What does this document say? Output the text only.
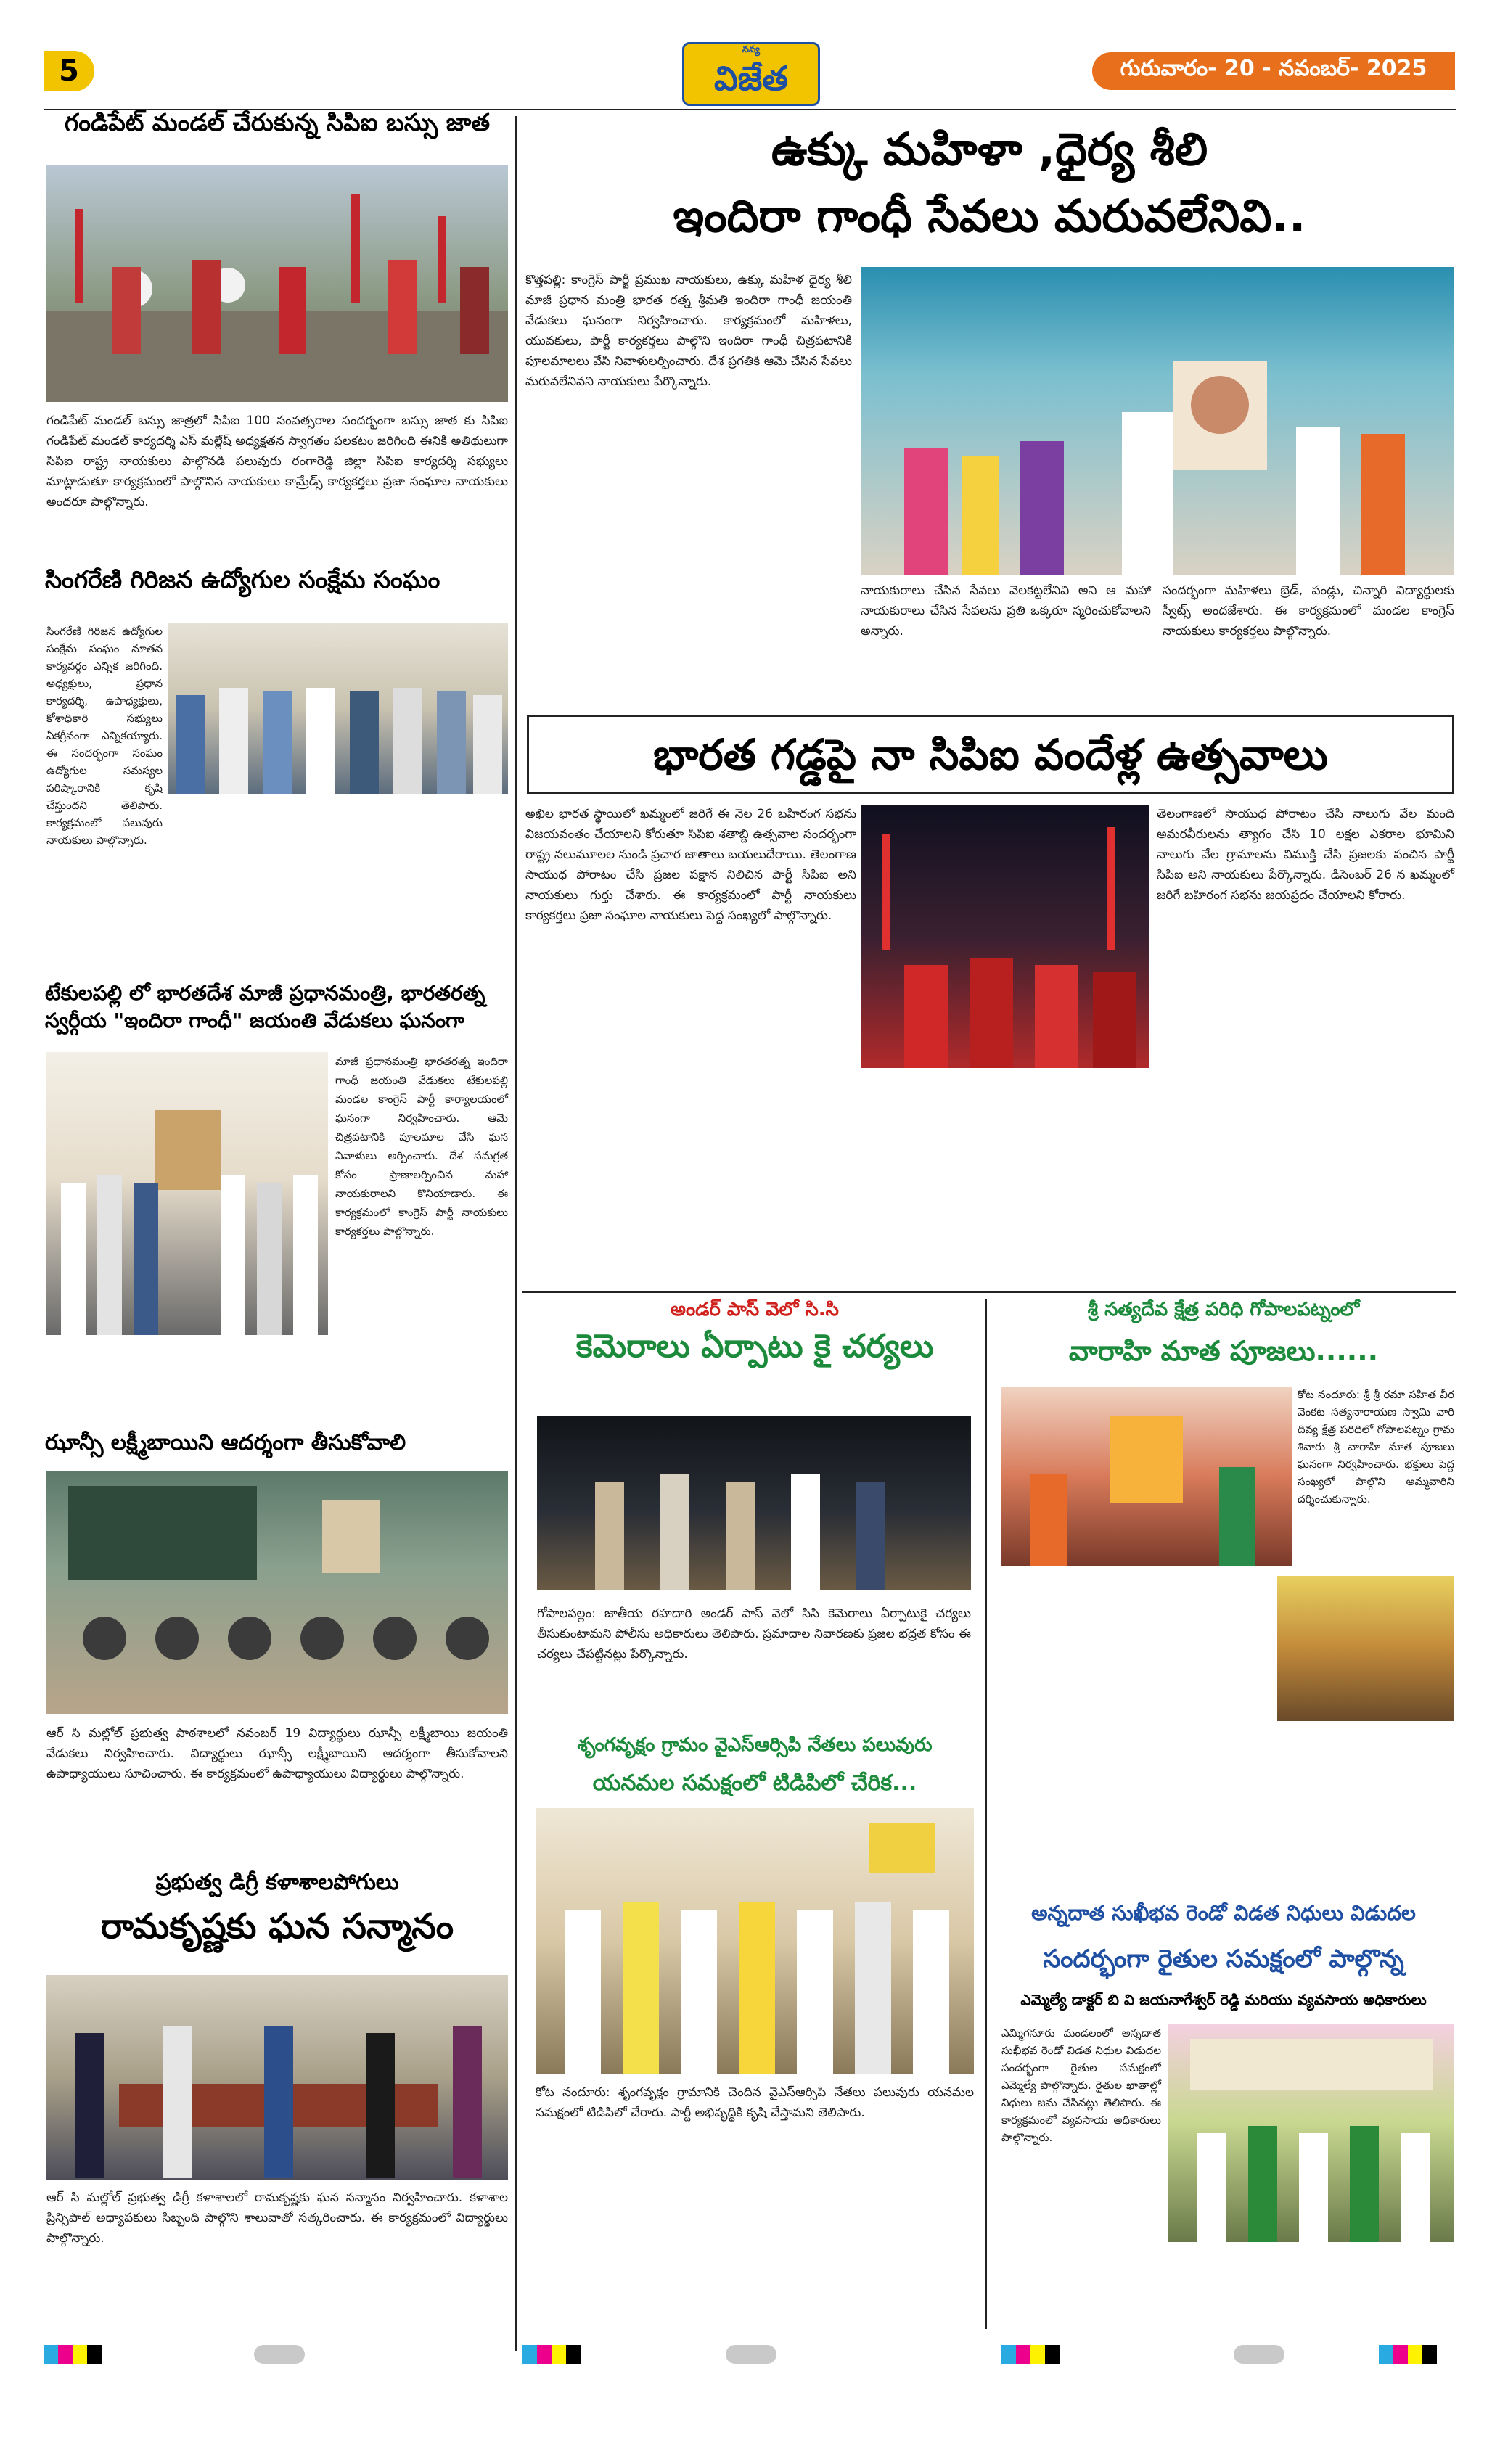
5
నవ్య
విజేత	గురువారం- 20 - నవంబర్- 2025
గండిపేట్ మండల్ చేరుకున్న సిపిఐ బస్సు జాత
గండిపేట్ మండల్ బస్సు జాత్రలో సిపిఐ 100 సంవత్సరాల సందర్భంగా బస్సు జాత కు సిపిఐ గండిపేట్ మండల్ కార్యదర్శి ఎస్ మల్లేష్ అధ్యక్షతన స్వాగతం పలకటం జరిగింది ఈనికి అతిథులుగా సిపిఐ రాష్ట్ర నాయకులు పాల్గొనడి పలువురు రంగారెడ్డి జిల్లా సిపిఐ కార్యదర్శి సభ్యులు మాట్లాడుతూ కార్యక్రమంలో పాల్గొనిన నాయకులు కామ్రేడ్స్ కార్యకర్తలు ప్రజా సంఘాల నాయకులు అందరూ పాల్గొన్నారు.
సింగరేణి గిరిజన ఉద్యోగుల సంక్షేమ సంఘం
సింగరేణి గిరిజన ఉద్యోగుల సంక్షేమ సంఘం నూతన కార్యవర్గం ఎన్నిక జరిగింది. అధ్యక్షులు, ప్రధాన కార్యదర్శి, ఉపాధ్యక్షులు, కోశాధికారి సభ్యులు ఏకగ్రీవంగా ఎన్నికయ్యారు. ఈ సందర్భంగా సంఘం ఉద్యోగుల సమస్యల పరిష్కారానికి కృషి చేస్తుందని తెలిపారు. కార్యక్రమంలో పలువురు నాయకులు పాల్గొన్నారు.
టేకులపల్లి లో భారతదేశ మాజీ ప్రధానమంత్రి, భారతరత్న స్వర్గీయ "ఇందిరా గాంధీ" జయంతి వేడుకలు ఘనంగా
మాజీ ప్రధానమంత్రి భారతరత్న ఇందిరా గాంధీ జయంతి వేడుకలు టేకులపల్లి మండల కాంగ్రెస్ పార్టీ కార్యాలయంలో ఘనంగా నిర్వహించారు. ఆమె చిత్రపటానికి పూలమాల వేసి ఘన నివాళులు అర్పించారు. దేశ సమగ్రత కోసం ప్రాణాలర్పించిన మహా నాయకురాలని కొనియాడారు. ఈ కార్యక్రమంలో కాంగ్రెస్ పార్టీ నాయకులు కార్యకర్తలు పాల్గొన్నారు.
ఝాన్సీ లక్ష్మీబాయిని ఆదర్శంగా తీసుకోవాలి
ఆర్ సి మల్లోల్ ప్రభుత్వ పాఠశాలలో నవంబర్ 19 విద్యార్థులు ఝాన్సీ లక్ష్మీబాయి జయంతి వేడుకలు నిర్వహించారు. విద్యార్థులు ఝాన్సీ లక్ష్మీబాయిని ఆదర్శంగా తీసుకోవాలని ఉపాధ్యాయులు సూచించారు. ఈ కార్యక్రమంలో ఉపాధ్యాయులు విద్యార్థులు పాల్గొన్నారు.
ప్రభుత్వ డిగ్రీ కళాశాలపోగులు
రామకృష్ణకు ఘన సన్మానం
ఆర్ సి మల్లోల్ ప్రభుత్వ డిగ్రీ కళాశాలలో రామకృష్ణకు ఘన సన్మానం నిర్వహించారు. కళాశాల ప్రిన్సిపాల్ అధ్యాపకులు సిబ్బంది పాల్గొని శాలువాతో సత్కరించారు. ఈ కార్యక్రమంలో విద్యార్థులు పాల్గొన్నారు.
ఉక్కు మహిళా ,ధైర్య శీలి
ఇందిరా గాంధీ సేవలు మరువలేనివి..
కొత్తపల్లి: కాంగ్రెస్ పార్టీ ప్రముఖ నాయకులు, ఉక్కు మహిళ ధైర్య శీలి మాజీ ప్రధాన మంత్రి భారత రత్న శ్రీమతి ఇందిరా గాంధీ జయంతి వేడుకలు ఘనంగా నిర్వహించారు. కార్యక్రమంలో మహిళలు, యువకులు, పార్టీ కార్యకర్తలు పాల్గొని ఇందిరా గాంధీ చిత్రపటానికి పూలమాలలు వేసి నివాళులర్పించారు. దేశ ప్రగతికి ఆమె చేసిన సేవలు మరువలేనివని నాయకులు పేర్కొన్నారు.
నాయకురాలు చేసిన సేవలు వెలకట్టలేనివి అని ఆ మహా నాయకురాలు చేసిన సేవలను ప్రతి ఒక్కరూ స్మరించుకోవాలని అన్నారు.
సందర్భంగా మహిళలు బ్రెడ్, పండ్లు, చిన్నారి విద్యార్థులకు స్వీట్స్ అందజేశారు. ఈ కార్యక్రమంలో మండల కాంగ్రెస్ నాయకులు కార్యకర్తలు పాల్గొన్నారు.
భారత గడ్డపై నా సిపిఐ వందేళ్ల ఉత్సవాలు
అఖిల భారత స్థాయిలో ఖమ్మంలో జరిగే ఈ నెల 26 బహిరంగ సభను విజయవంతం చేయాలని కోరుతూ సిపిఐ శతాబ్ది ఉత్సవాల సందర్భంగా రాష్ట్ర నలుమూలల నుండి ప్రచార జాతాలు బయలుదేరాయి. తెలంగాణ సాయుధ పోరాటం చేసి ప్రజల పక్షాన నిలిచిన పార్టీ సిపిఐ అని నాయకులు గుర్తు చేశారు. ఈ కార్యక్రమంలో పార్టీ నాయకులు కార్యకర్తలు ప్రజా సంఘాల నాయకులు పెద్ద సంఖ్యలో పాల్గొన్నారు.
తెలంగాణలో సాయుధ పోరాటం చేసి నాలుగు వేల మంది అమరవీరులను త్యాగం చేసి 10 లక్షల ఎకరాల భూమిని నాలుగు వేల గ్రామాలను విముక్తి చేసి ప్రజలకు పంచిన పార్టీ సిపిఐ అని నాయకులు పేర్కొన్నారు. డిసెంబర్ 26 న ఖమ్మంలో జరిగే బహిరంగ సభను జయప్రదం చేయాలని కోరారు.
అండర్ పాస్ వెలో సి.సి
కెమెరాలు ఏర్పాటు కై చర్యలు
గోపాలపల్లం: జాతీయ రహదారి అండర్ పాస్ వెలో సిసి కెమెరాలు ఏర్పాటుకై చర్యలు తీసుకుంటామని పోలీసు అధికారులు తెలిపారు. ప్రమాదాల నివారణకు ప్రజల భద్రత కోసం ఈ చర్యలు చేపట్టినట్లు పేర్కొన్నారు.
శృంగవృక్షం గ్రామం వైఎస్ఆర్సిపి నేతలు పలువురు
యనమల సమక్షంలో టిడిపిలో చేరిక...
కోట నందూరు: శృంగవృక్షం గ్రామానికి చెందిన వైఎస్ఆర్సిపి నేతలు పలువురు యనమల సమక్షంలో టిడిపిలో చేరారు. పార్టీ అభివృద్ధికి కృషి చేస్తామని తెలిపారు.
శ్రీ సత్యదేవ క్షేత్ర పరిధి గోపాలపట్నంలో
వారాహి మాత పూజలు......
కోట నందూరు: శ్రీ శ్రీ రమా సహిత వీర వెంకట సత్యనారాయణ స్వామి వారి దివ్య క్షేత్ర పరిధిలో గోపాలపట్నం గ్రామ శివారు శ్రీ వారాహి మాత పూజలు ఘనంగా నిర్వహించారు. భక్తులు పెద్ద సంఖ్యలో పాల్గొని అమ్మవారిని దర్శించుకున్నారు.
అన్నదాత సుఖీభవ రెండో విడత నిధులు విడుదల
సందర్భంగా రైతుల సమక్షంలో పాల్గొన్న
ఎమ్మెల్యే డాక్టర్ బి వి జయనాగేశ్వర్ రెడ్డి మరియు వ్యవసాయ అధికారులు
ఎమ్మిగనూరు మండలంలో అన్నదాత సుఖీభవ రెండో విడత నిధుల విడుదల సందర్భంగా రైతుల సమక్షంలో ఎమ్మెల్యే పాల్గొన్నారు. రైతుల ఖాతాల్లో నిధులు జమ చేసినట్లు తెలిపారు. ఈ కార్యక్రమంలో వ్యవసాయ అధికారులు పాల్గొన్నారు.
